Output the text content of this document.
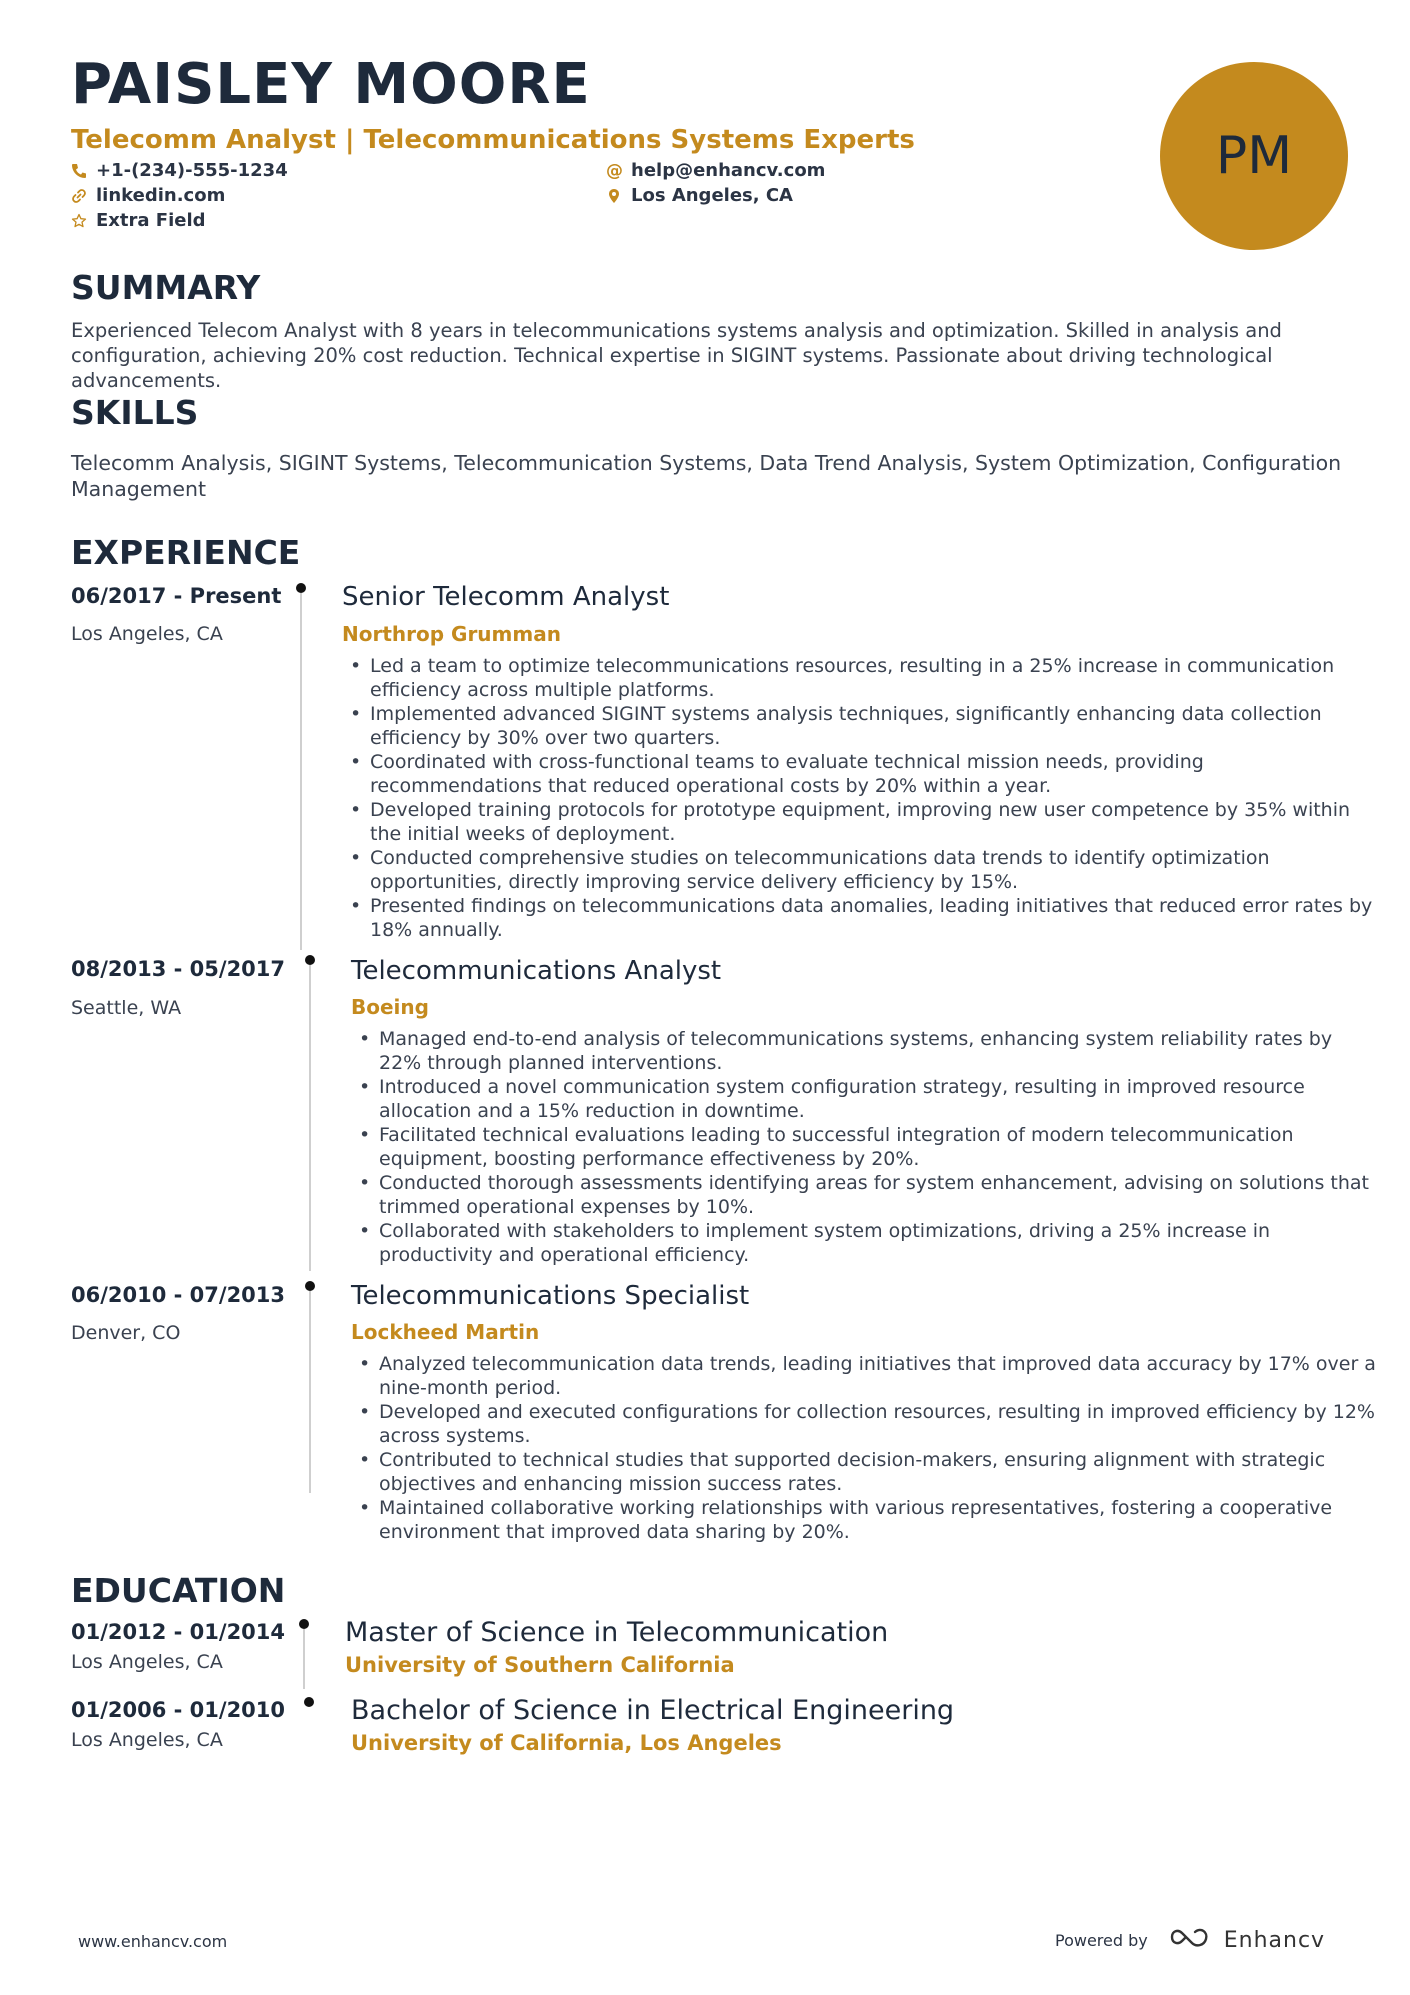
PAISLEY MOORE
Telecomm Analyst | Telecommunications Systems Experts
+1-(234)-555-1234
linkedin.com
Extra Field
@ help@enhancv.com
Los Angeles, CA
PM
SUMMARY

Experienced Telecom Analyst with 8 years in telecommunications systems analysis and optimization. Skilled in analysis and configuration, achieving 20% cost reduction. Technical expertise in SIGINT systems. Passionate about driving technological advancements.

SKILLS

Telecomm Analysis, SIGINT Systems, Telecommunication Systems, Data Trend Analysis, System Optimization, Configuration Management

EXPERIENCE
06/2017 - Present
Los Angeles, CA
Senior Telecomm Analyst
Northrop Grumman
• Led a team to optimize telecommunications resources, resulting in a 25% increase in communication efficiency across multiple platforms.
• Implemented advanced SIGINT systems analysis techniques, significantly enhancing data collection efficiency by 30% over two quarters.
• Coordinated with cross-functional teams to evaluate technical mission needs, providing recommendations that reduced operational costs by 20% within a year.
• Developed training protocols for prototype equipment, improving new user competence by 35% within the initial weeks of deployment.
• Conducted comprehensive studies on telecommunications data trends to identify optimization opportunities, directly improving service delivery efficiency by 15%.
• Presented findings on telecommunications data anomalies, leading initiatives that reduced error rates by 18% annually.
08/2013 - 05/2017
Seattle, WA
Telecommunications Analyst
Boeing
• Managed end-to-end analysis of telecommunications systems, enhancing system reliability rates by 22% through planned interventions.
• Introduced a novel communication system configuration strategy, resulting in improved resource allocation and a 15% reduction in downtime.
• Facilitated technical evaluations leading to successful integration of modern telecommunication equipment, boosting performance effectiveness by 20%.
• Conducted thorough assessments identifying areas for system enhancement, advising on solutions that trimmed operational expenses by 10%.
• Collaborated with stakeholders to implement system optimizations, driving a 25% increase in productivity and operational efficiency.
06/2010 - 07/2013
Denver, CO
Telecommunications Specialist
Lockheed Martin
• Analyzed telecommunication data trends, leading initiatives that improved data accuracy by 17% over a nine-month period.
• Developed and executed configurations for collection resources, resulting in improved efficiency by 12% across systems.
• Contributed to technical studies that supported decision-makers, ensuring alignment with strategic objectives and enhancing mission success rates.
• Maintained collaborative working relationships with various representatives, fostering a cooperative environment that improved data sharing by 20%.
EDUCATION
01/2012 - 01/2014
Los Angeles, CA
Master of Science in Telecommunication
University of Southern California
01/2006 - 01/2010
Los Angeles, CA
Bachelor of Science in Electrical Engineering
University of California, Los Angeles
www.enhancv.com	Powered by	Enhancv
